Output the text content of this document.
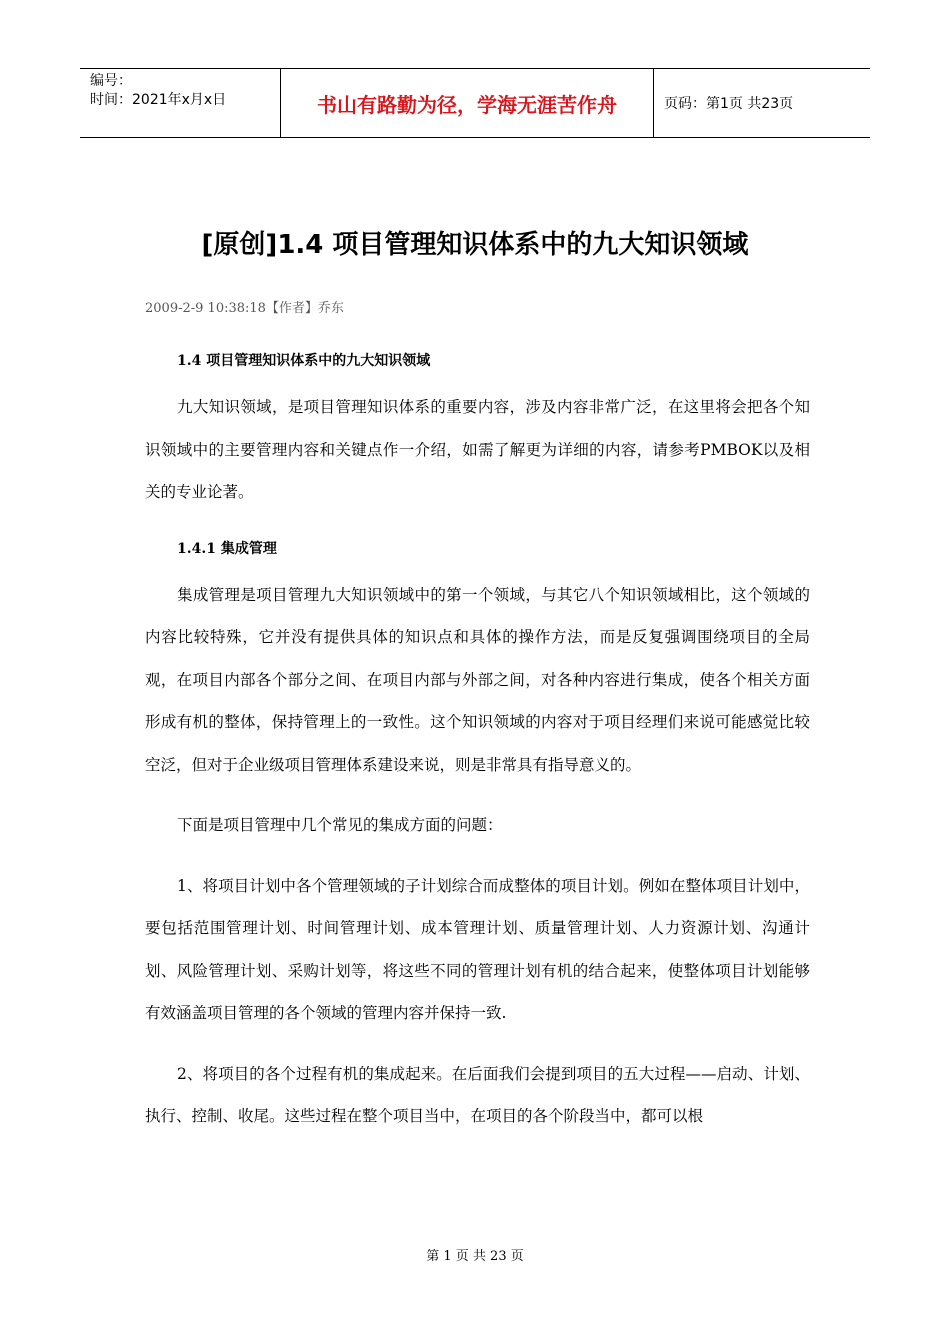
编号：
时间：2021年x月x日	书山有路勤为径，学海无涯苦作舟	页码：第1页 共23页
[原创]1.4 项目管理知识体系中的九大知识领域
2009-2-9 10:38:18【作者】乔东
1.4 项目管理知识体系中的九大知识领域

九大知识领域，是项目管理知识体系的重要内容，涉及内容非常广泛，在这里将会把各个知识领域中的主要管理内容和关键点作一介绍，如需了解更为详细的内容，请参考PMBOK以及相关的专业论著。

1.4.1 集成管理

集成管理是项目管理九大知识领域中的第一个领域，与其它八个知识领域相比，这个领域的内容比较特殊，它并没有提供具体的知识点和具体的操作方法，而是反复强调围绕项目的全局观，在项目内部各个部分之间、在项目内部与外部之间，对各种内容进行集成，使各个相关方面形成有机的整体，保持管理上的一致性。这个知识领域的内容对于项目经理们来说可能感觉比较空泛，但对于企业级项目管理体系建设来说，则是非常具有指导意义的。

下面是项目管理中几个常见的集成方面的问题：

1、将项目计划中各个管理领域的子计划综合而成整体的项目计划。例如在整体项目计划中，要包括范围管理计划、时间管理计划、成本管理计划、质量管理计划、人力资源计划、沟通计划、风险管理计划、采购计划等，将这些不同的管理计划有机的结合起来，使整体项目计划能够有效涵盖项目管理的各个领域的管理内容并保持一致.

2、将项目的各个过程有机的集成起来。在后面我们会提到项目的五大过程——启动、计划、执行、控制、收尾。这些过程在整个项目当中，在项目的各个阶段当中，都可以根

第 1 页 共 23 页
